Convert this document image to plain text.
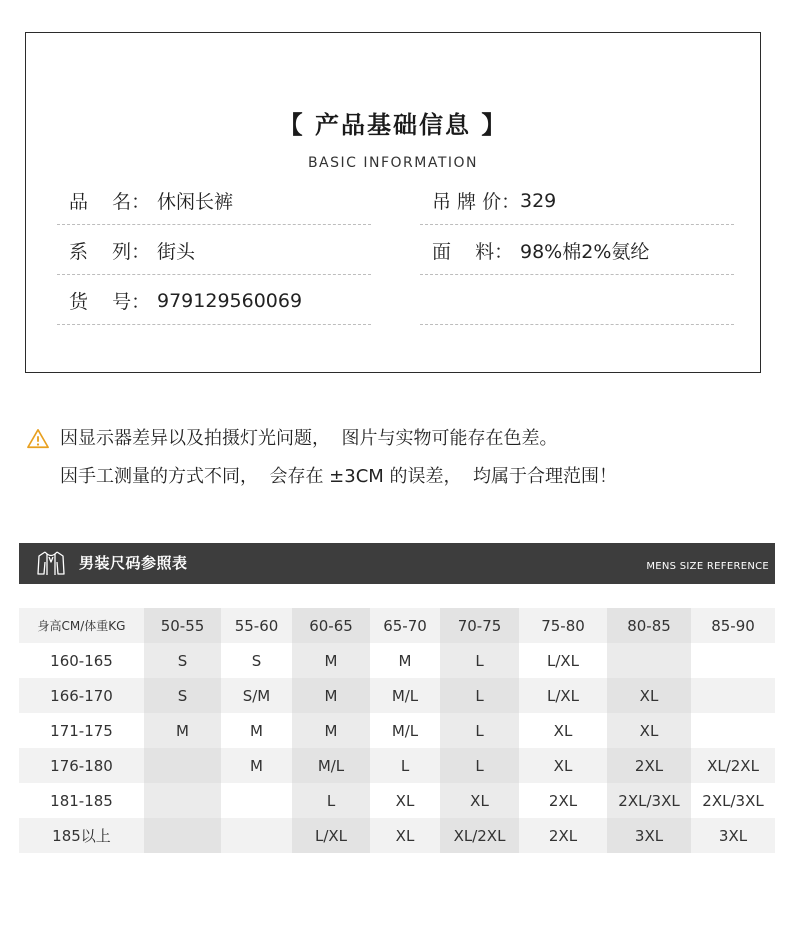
【 产品基础信息 】
BASIC INFORMATION
品    名： 休闲长裤
系    列： 街头
货    号： 979129560069
吊 牌 价： 329
面    料： 98%棉2%氨纶
因显示器差异以及拍摄灯光问题，  图片与实物可能存在色差。
因手工测量的方式不同，  会存在 ±3CM 的误差，  均属于合理范围！
男装尺码参照表	MENS SIZE REFERENCE
身高CM/体重KG	50-55	55-60	60-65	65-70	70-75	75-80	80-85	85-90
160-165	S	S	M	M	L	L/XL		
166-170	S	S/M	M	M/L	L	L/XL	XL	
171-175	M	M	M	M/L	L	XL	XL	
176-180		M	M/L	L	L	XL	2XL	XL/2XL
181-185			L	XL	XL	2XL	2XL/3XL	2XL/3XL
185以上			L/XL	XL	XL/2XL	2XL	3XL	3XL
